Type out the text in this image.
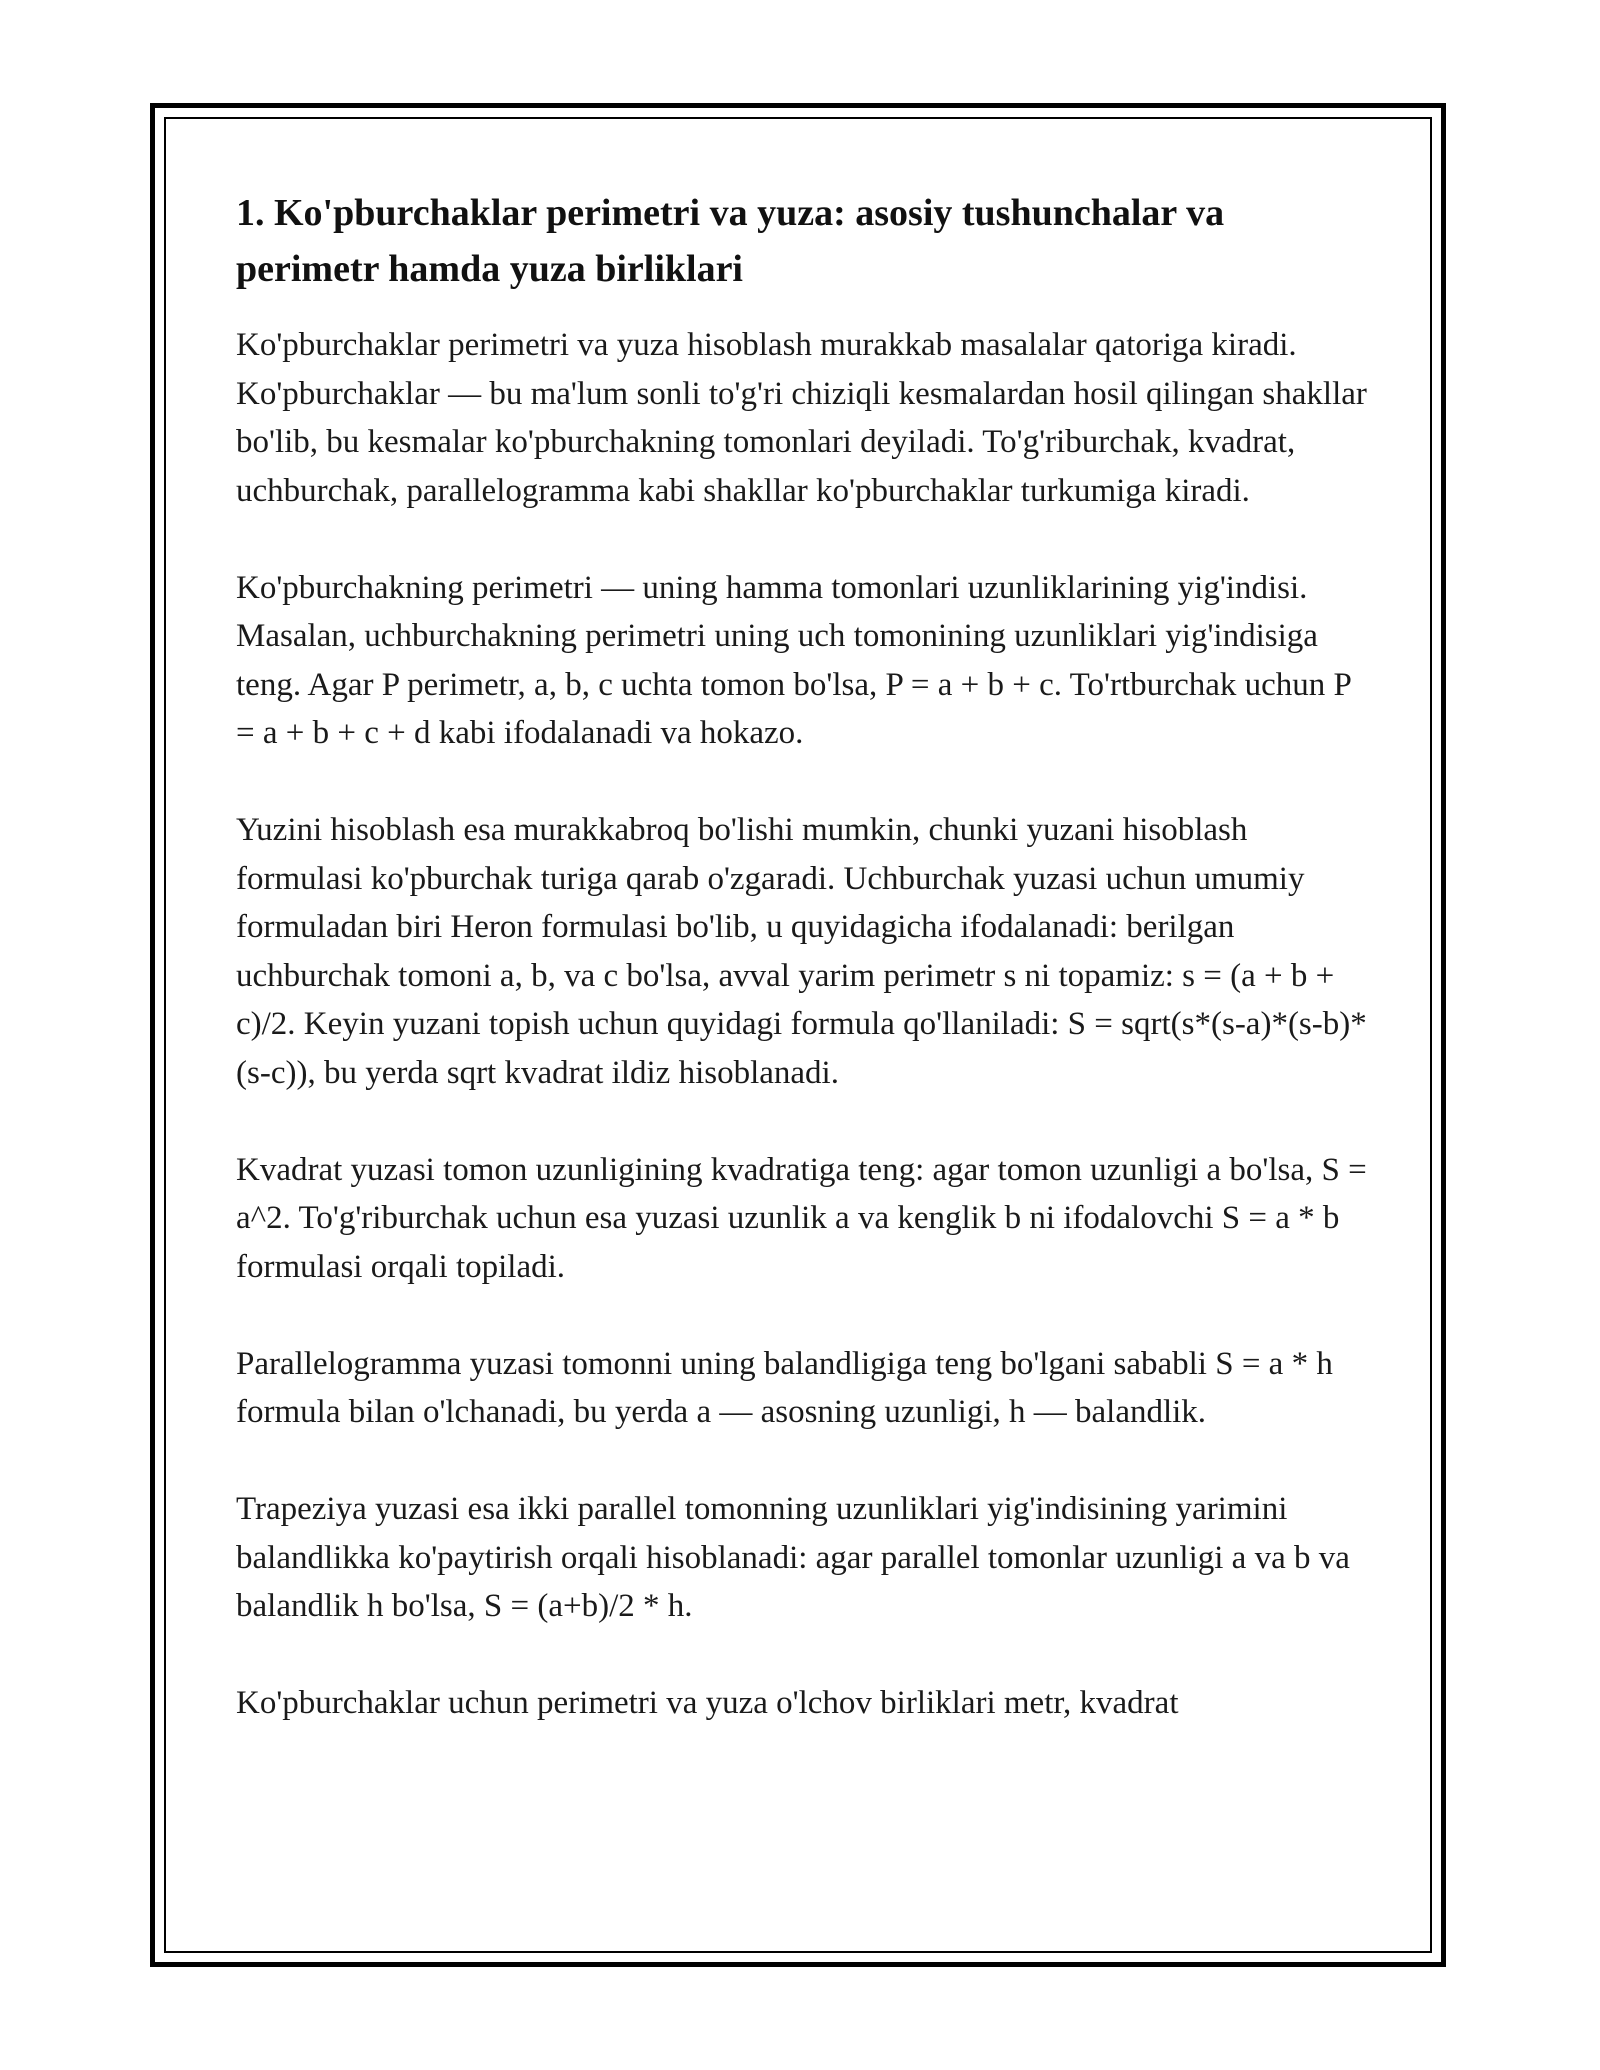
1. Ko'pburchaklar perimetri va yuza: asosiy tushunchalar va perimetr hamda yuza birliklari

Ko'pburchaklar perimetri va yuza hisoblash murakkab masalalar qatoriga kiradi. Ko'pburchaklar — bu ma'lum sonli to'g'ri chiziqli kesmalardan hosil qilingan shakllar bo'lib, bu kesmalar ko'pburchakning tomonlari deyiladi. To'g'riburchak, kvadrat, uchburchak, parallelogramma kabi shakllar ko'pburchaklar turkumiga kiradi.

Ko'pburchakning perimetri — uning hamma tomonlari uzunliklarining yig'indisi. Masalan, uchburchakning perimetri uning uch tomonining uzunliklari yig'indisiga teng. Agar P perimetr, a, b, c uchta tomon bo'lsa, P = a + b + c. To'rtburchak uchun P = a + b + c + d kabi ifodalanadi va hokazo.

Yuzini hisoblash esa murakkabroq bo'lishi mumkin, chunki yuzani hisoblash formulasi ko'pburchak turiga qarab o'zgaradi. Uchburchak yuzasi uchun umumiy formuladan biri Heron formulasi bo'lib, u quyidagicha ifodalanadi: berilgan uchburchak tomoni a, b, va c bo'lsa, avval yarim perimetr s ni topamiz: s = (a + b + c)/2. Keyin yuzani topish uchun quyidagi formula qo'llaniladi: S = sqrt(s*(s-a)*(s-b)*(s-c)), bu yerda sqrt kvadrat ildiz hisoblanadi.

Kvadrat yuzasi tomon uzunligining kvadratiga teng: agar tomon uzunligi a bo'lsa, S = a^2. To'g'riburchak uchun esa yuzasi uzunlik a va kenglik b ni ifodalovchi S = a * b formulasi orqali topiladi.

Parallelogramma yuzasi tomonni uning balandligiga teng bo'lgani sababli S = a * h formula bilan o'lchanadi, bu yerda a — asosning uzunligi, h — balandlik.

Trapeziya yuzasi esa ikki parallel tomonning uzunliklari yig'indisining yarimini balandlikka ko'paytirish orqali hisoblanadi: agar parallel tomonlar uzunligi a va b va balandlik h bo'lsa, S = (a+b)/2 * h.

Ko'pburchaklar uchun perimetri va yuza o'lchov birliklari metr, kvadrat
